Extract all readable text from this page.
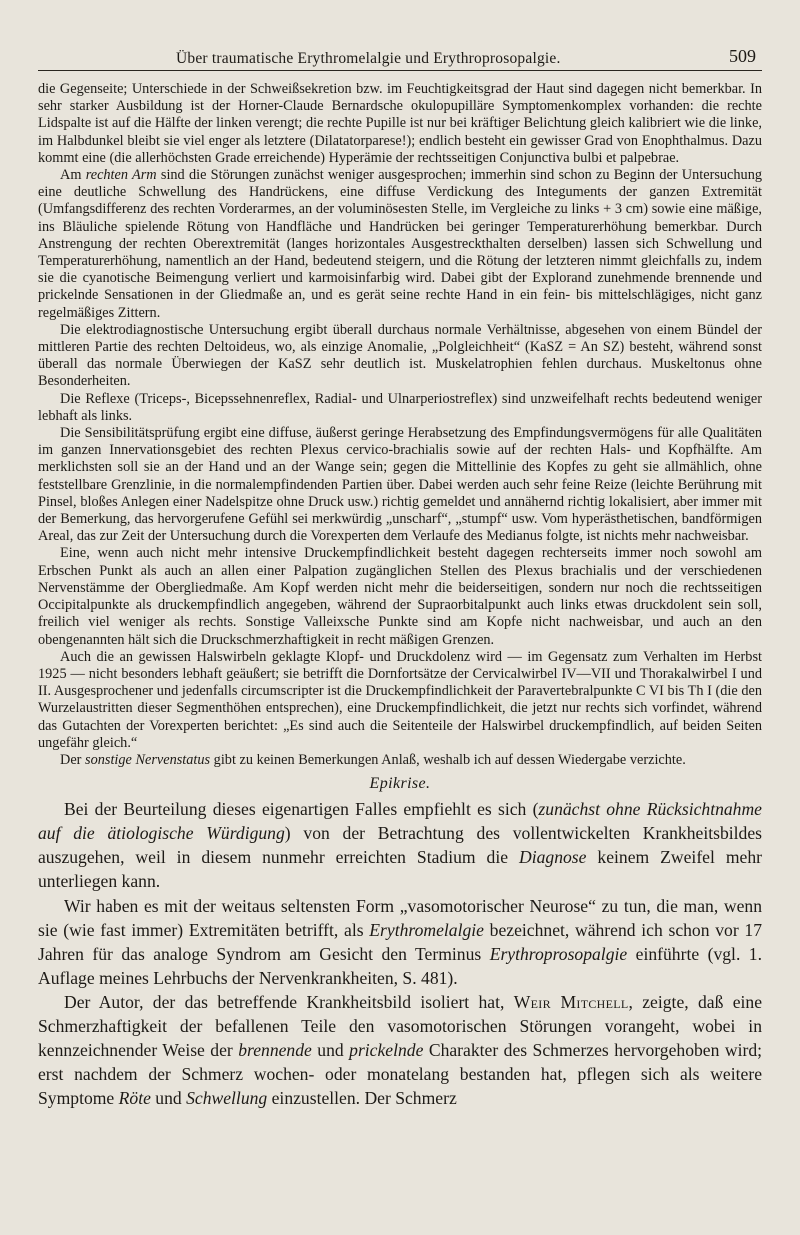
Über traumatische Erythromelalgie und Erythroprosopalgie.	509

die Gegenseite; Unterschiede in der Schweißsekretion bzw. im Feuchtigkeitsgrad der Haut sind dagegen nicht bemerkbar. In sehr starker Ausbildung ist der Horner-Claude Bernardsche okulopupilläre Symptomenkomplex vorhanden: die rechte Lidspalte ist auf die Hälfte der linken verengt; die rechte Pupille ist nur bei kräftiger Belichtung gleich kalibriert wie die linke, im Halbdunkel bleibt sie viel enger als letztere (Dilatatorparese!); endlich besteht ein gewisser Grad von Enophthalmus. Dazu kommt eine (die allerhöchsten Grade erreichende) Hyperämie der rechtsseitigen Conjunctiva bulbi et palpebrae.

Am rechten Arm sind die Störungen zunächst weniger ausgesprochen; immerhin sind schon zu Beginn der Untersuchung eine deutliche Schwellung des Handrückens, eine diffuse Verdickung des Integuments der ganzen Extremität (Umfangsdifferenz des rechten Vorderarmes, an der voluminösesten Stelle, im Vergleiche zu links + 3 cm) sowie eine mäßige, ins Bläuliche spielende Rötung von Handfläche und Handrücken bei geringer Temperaturerhöhung bemerkbar. Durch Anstrengung der rechten Oberextremität (langes horizontales Ausgestreckthalten derselben) lassen sich Schwellung und Temperaturerhöhung, namentlich an der Hand, bedeutend steigern, und die Rötung der letzteren nimmt gleichfalls zu, indem sie die cyanotische Beimengung verliert und karmoisinfarbig wird. Dabei gibt der Explorand zunehmende brennende und prickelnde Sensationen in der Gliedmaße an, und es gerät seine rechte Hand in ein fein- bis mittelschlägiges, nicht ganz regelmäßiges Zittern.

Die elektrodiagnostische Untersuchung ergibt überall durchaus normale Verhältnisse, abgesehen von einem Bündel der mittleren Partie des rechten Deltoideus, wo, als einzige Anomalie, „Polgleichheit“ (KaSZ = An SZ) besteht, während sonst überall das normale Überwiegen der KaSZ sehr deutlich ist. Muskelatrophien fehlen durchaus. Muskeltonus ohne Besonderheiten.

Die Reflexe (Triceps-, Bicepssehnenreflex, Radial- und Ulnarperiostreflex) sind unzweifelhaft rechts bedeutend weniger lebhaft als links.

Die Sensibilitätsprüfung ergibt eine diffuse, äußerst geringe Herabsetzung des Empfindungsvermögens für alle Qualitäten im ganzen Innervationsgebiet des rechten Plexus cervico-brachialis sowie auf der rechten Hals- und Kopfhälfte. Am merklichsten soll sie an der Hand und an der Wange sein; gegen die Mittellinie des Kopfes zu geht sie allmählich, ohne feststellbare Grenzlinie, in die normalempfindenden Partien über. Dabei werden auch sehr feine Reize (leichte Berührung mit Pinsel, bloßes Anlegen einer Nadelspitze ohne Druck usw.) richtig gemeldet und annähernd richtig lokalisiert, aber immer mit der Bemerkung, das hervorgerufene Gefühl sei merkwürdig „unscharf“, „stumpf“ usw. Vom hyperästhetischen, bandförmigen Areal, das zur Zeit der Untersuchung durch die Vorexperten dem Verlaufe des Medianus folgte, ist nichts mehr nachweisbar.

Eine, wenn auch nicht mehr intensive Druckempfindlichkeit besteht dagegen rechterseits immer noch sowohl am Erbschen Punkt als auch an allen einer Palpation zugänglichen Stellen des Plexus brachialis und der verschiedenen Nervenstämme der Obergliedmaße. Am Kopf werden nicht mehr die beiderseitigen, sondern nur noch die rechtsseitigen Occipitalpunkte als druckempfindlich angegeben, während der Supraorbitalpunkt auch links etwas druckdolent sein soll, freilich viel weniger als rechts. Sonstige Valleixsche Punkte sind am Kopfe nicht nachweisbar, und auch an den obengenannten hält sich die Druckschmerzhaftigkeit in recht mäßigen Grenzen.

Auch die an gewissen Halswirbeln geklagte Klopf- und Druckdolenz wird — im Gegensatz zum Verhalten im Herbst 1925 — nicht besonders lebhaft geäußert; sie betrifft die Dornfortsätze der Cervicalwirbel IV—VII und Thorakalwirbel I und II. Ausgesprochener und jedenfalls circumscripter ist die Druckempfindlichkeit der Paravertebralpunkte C VI bis Th I (die den Wurzelaustritten dieser Segmenthöhen entsprechen), eine Druckempfindlichkeit, die jetzt nur rechts sich vorfindet, während das Gutachten der Vorexperten berichtet: „Es sind auch die Seitenteile der Halswirbel druckempfindlich, auf beiden Seiten ungefähr gleich.“

Der sonstige Nervenstatus gibt zu keinen Bemerkungen Anlaß, weshalb ich auf dessen Wiedergabe verzichte.

Epikrise.

Bei der Beurteilung dieses eigenartigen Falles empfiehlt es sich (zunächst ohne Rücksichtnahme auf die ätiologische Würdigung) von der Betrachtung des vollentwickelten Krankheitsbildes auszugehen, weil in diesem nunmehr erreichten Stadium die Diagnose keinem Zweifel mehr unterliegen kann.

Wir haben es mit der weitaus seltensten Form „vasomotorischer Neurose“ zu tun, die man, wenn sie (wie fast immer) Extremitäten betrifft, als Erythromelalgie bezeichnet, während ich schon vor 17 Jahren für das analoge Syndrom am Gesicht den Terminus Erythroprosopalgie einführte (vgl. 1. Auflage meines Lehrbuchs der Nervenkrankheiten, S. 481).

Der Autor, der das betreffende Krankheitsbild isoliert hat, Weir Mitchell, zeigte, daß eine Schmerzhaftigkeit der befallenen Teile den vasomotorischen Störungen vorangeht, wobei in kennzeichnender Weise der brennende und prickelnde Charakter des Schmerzes hervorgehoben wird; erst nachdem der Schmerz wochen- oder monatelang bestanden hat, pflegen sich als weitere Symptome Röte und Schwellung einzustellen. Der Schmerz
